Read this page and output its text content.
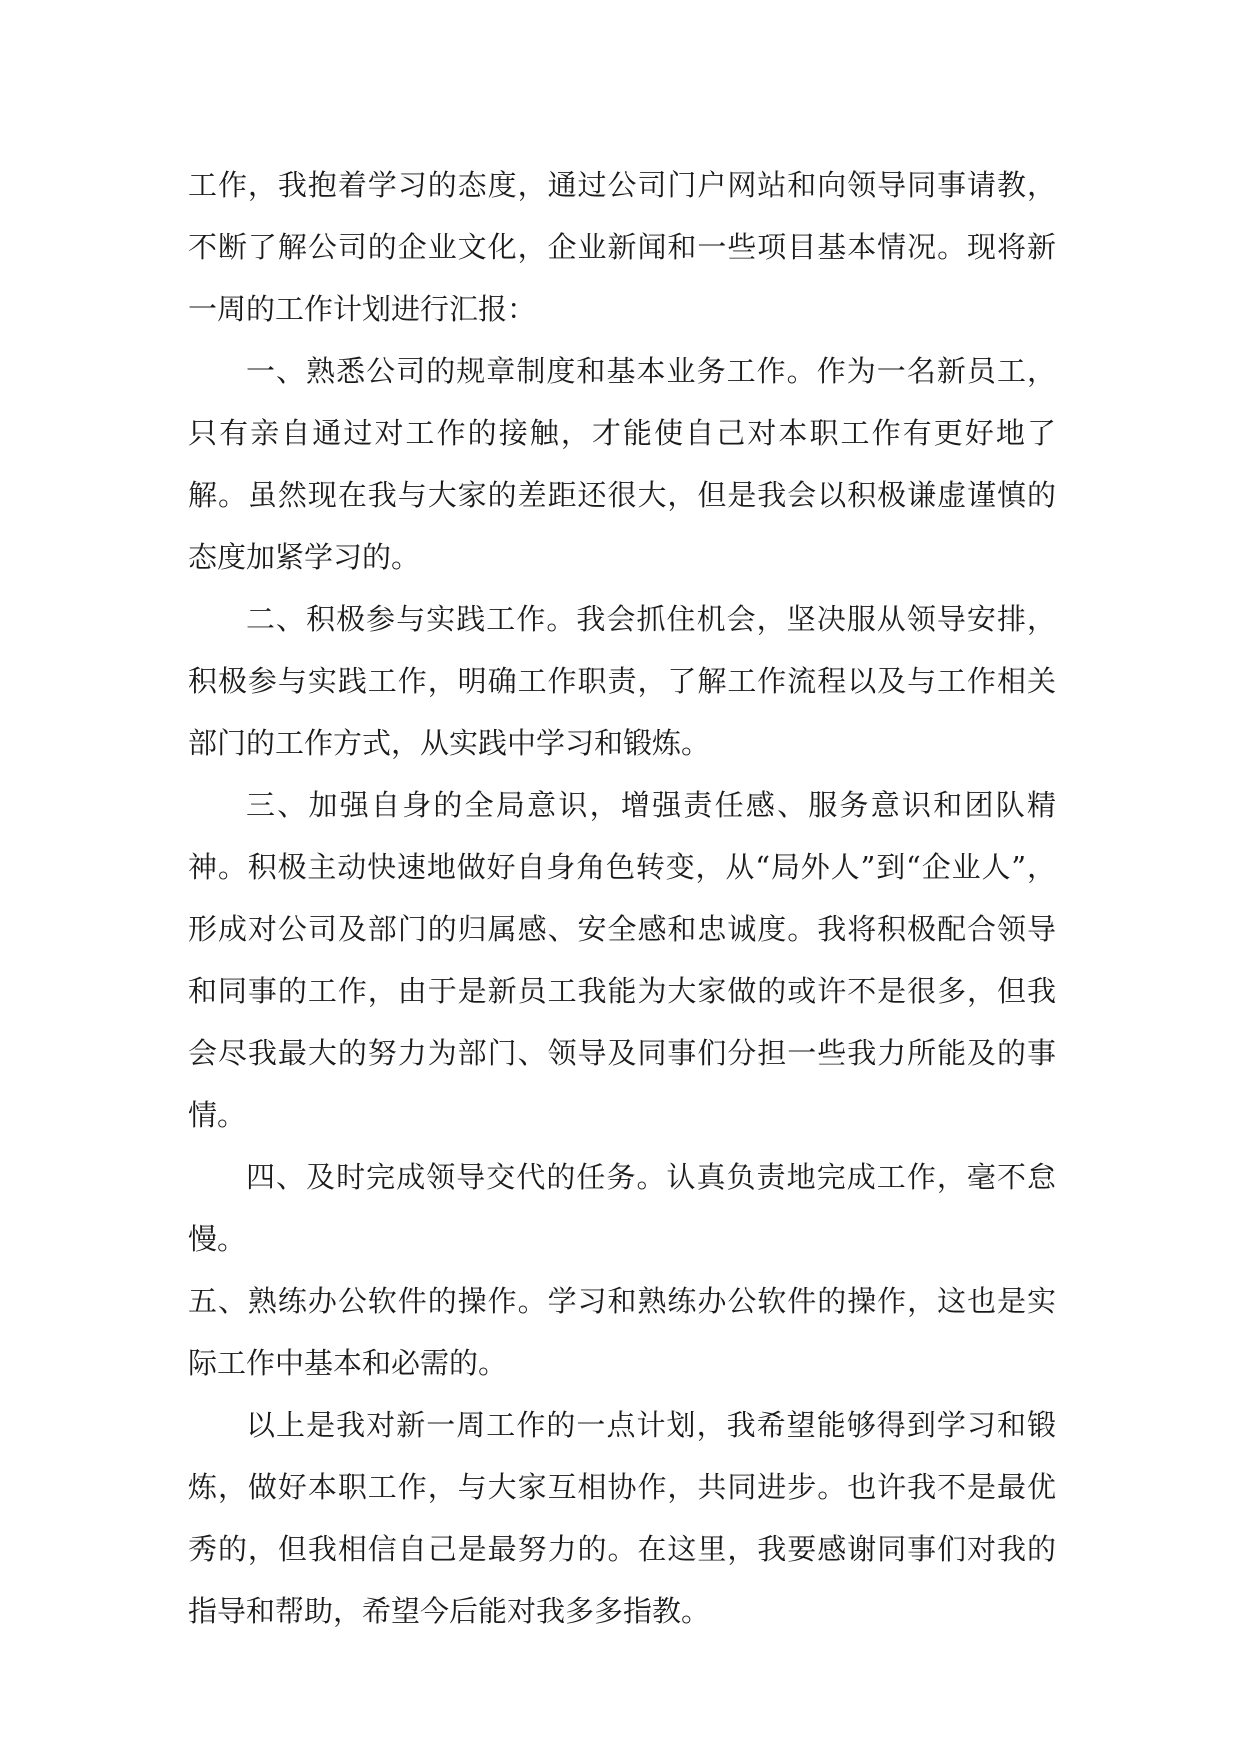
工作，我抱着学习的态度，通过公司门户网站和向领导同事请教，不断了解公司的企业文化，企业新闻和一些项目基本情况。现将新一周的工作计划进行汇报：

一、熟悉公司的规章制度和基本业务工作。作为一名新员工，只有亲自通过对工作的接触，才能使自己对本职工作有更好地了解。虽然现在我与大家的差距还很大，但是我会以积极谦虚谨慎的态度加紧学习的。

二、积极参与实践工作。我会抓住机会，坚决服从领导安排，积极参与实践工作，明确工作职责，了解工作流程以及与工作相关部门的工作方式，从实践中学习和锻炼。

三、加强自身的全局意识，增强责任感、服务意识和团队精神。积极主动快速地做好自身角色转变，从“局外人”到“企业人”，形成对公司及部门的归属感、安全感和忠诚度。我将积极配合领导和同事的工作，由于是新员工我能为大家做的或许不是很多，但我会尽我最大的努力为部门、领导及同事们分担一些我力所能及的事情。

四、及时完成领导交代的任务。认真负责地完成工作，毫不怠慢。

五、熟练办公软件的操作。学习和熟练办公软件的操作，这也是实际工作中基本和必需的。

以上是我对新一周工作的一点计划，我希望能够得到学习和锻炼，做好本职工作，与大家互相协作，共同进步。也许我不是最优秀的，但我相信自己是最努力的。在这里，我要感谢同事们对我的指导和帮助，希望今后能对我多多指教。
